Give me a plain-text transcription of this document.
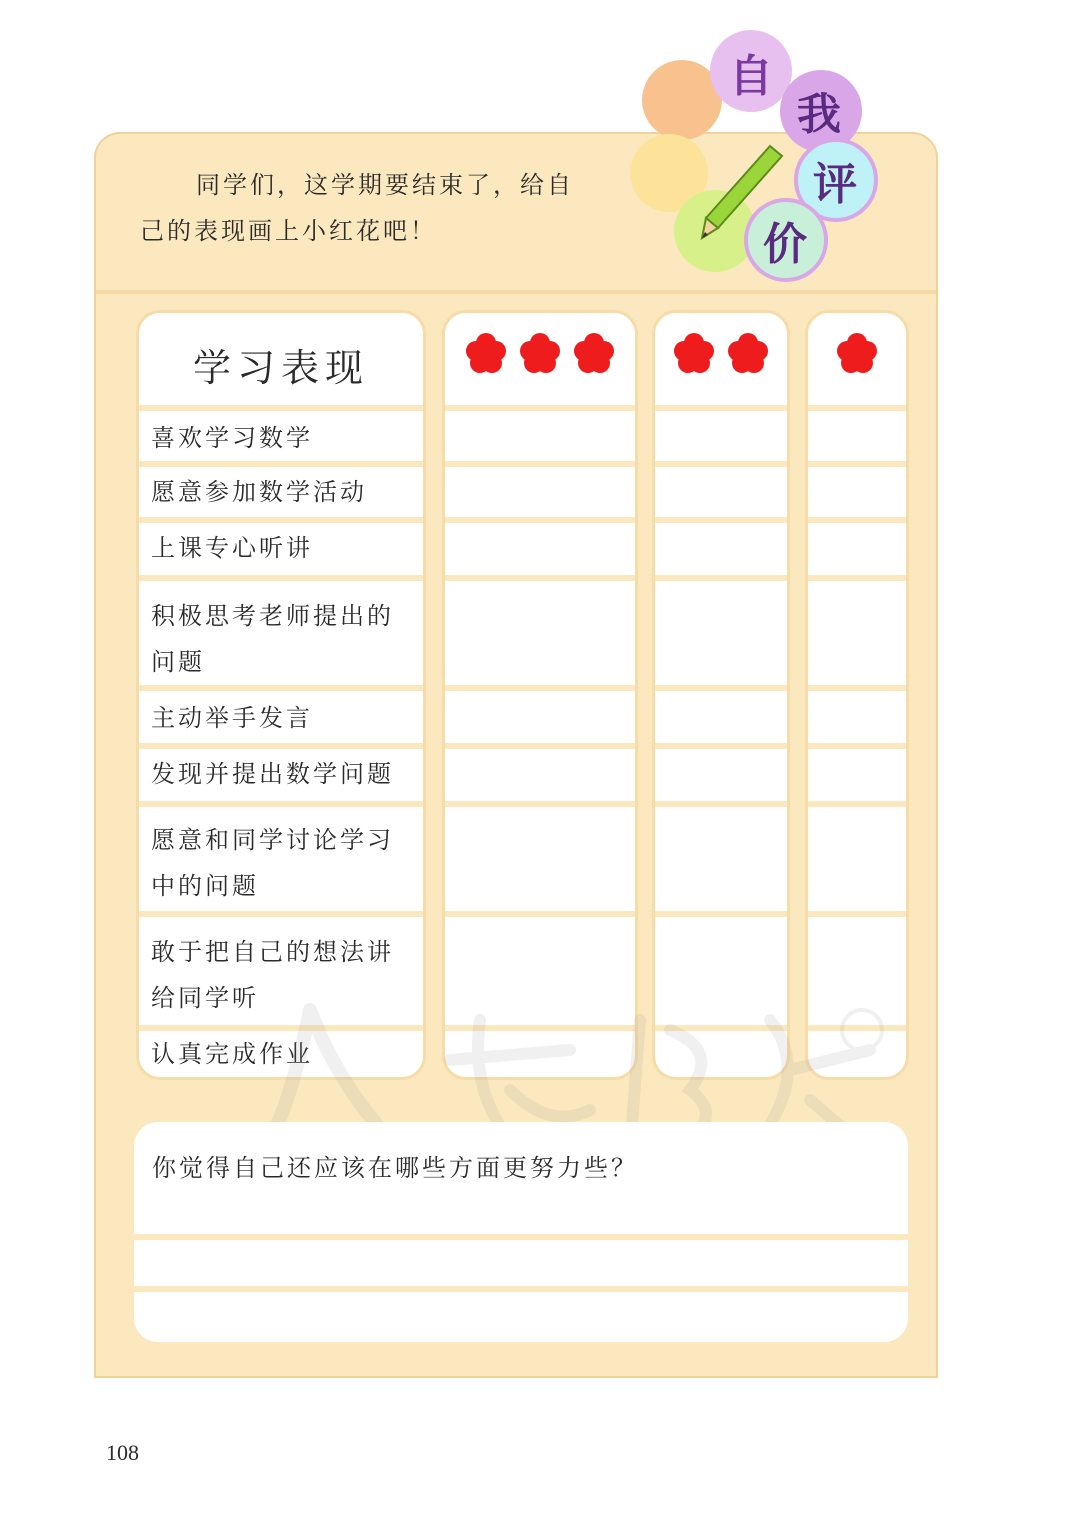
同学们，这学期要结束了，给自
己的表现画上小红花吧！
自
我
评
价
学习表现
喜欢学习数学
愿意参加数学活动
上课专心听讲
积极思考老师提出的
问题
主动举手发言
发现并提出数学问题
愿意和同学讨论学习
中的问题
敢于把自己的想法讲
给同学听
认真完成作业
你觉得自己还应该在哪些方面更努力些？
108
